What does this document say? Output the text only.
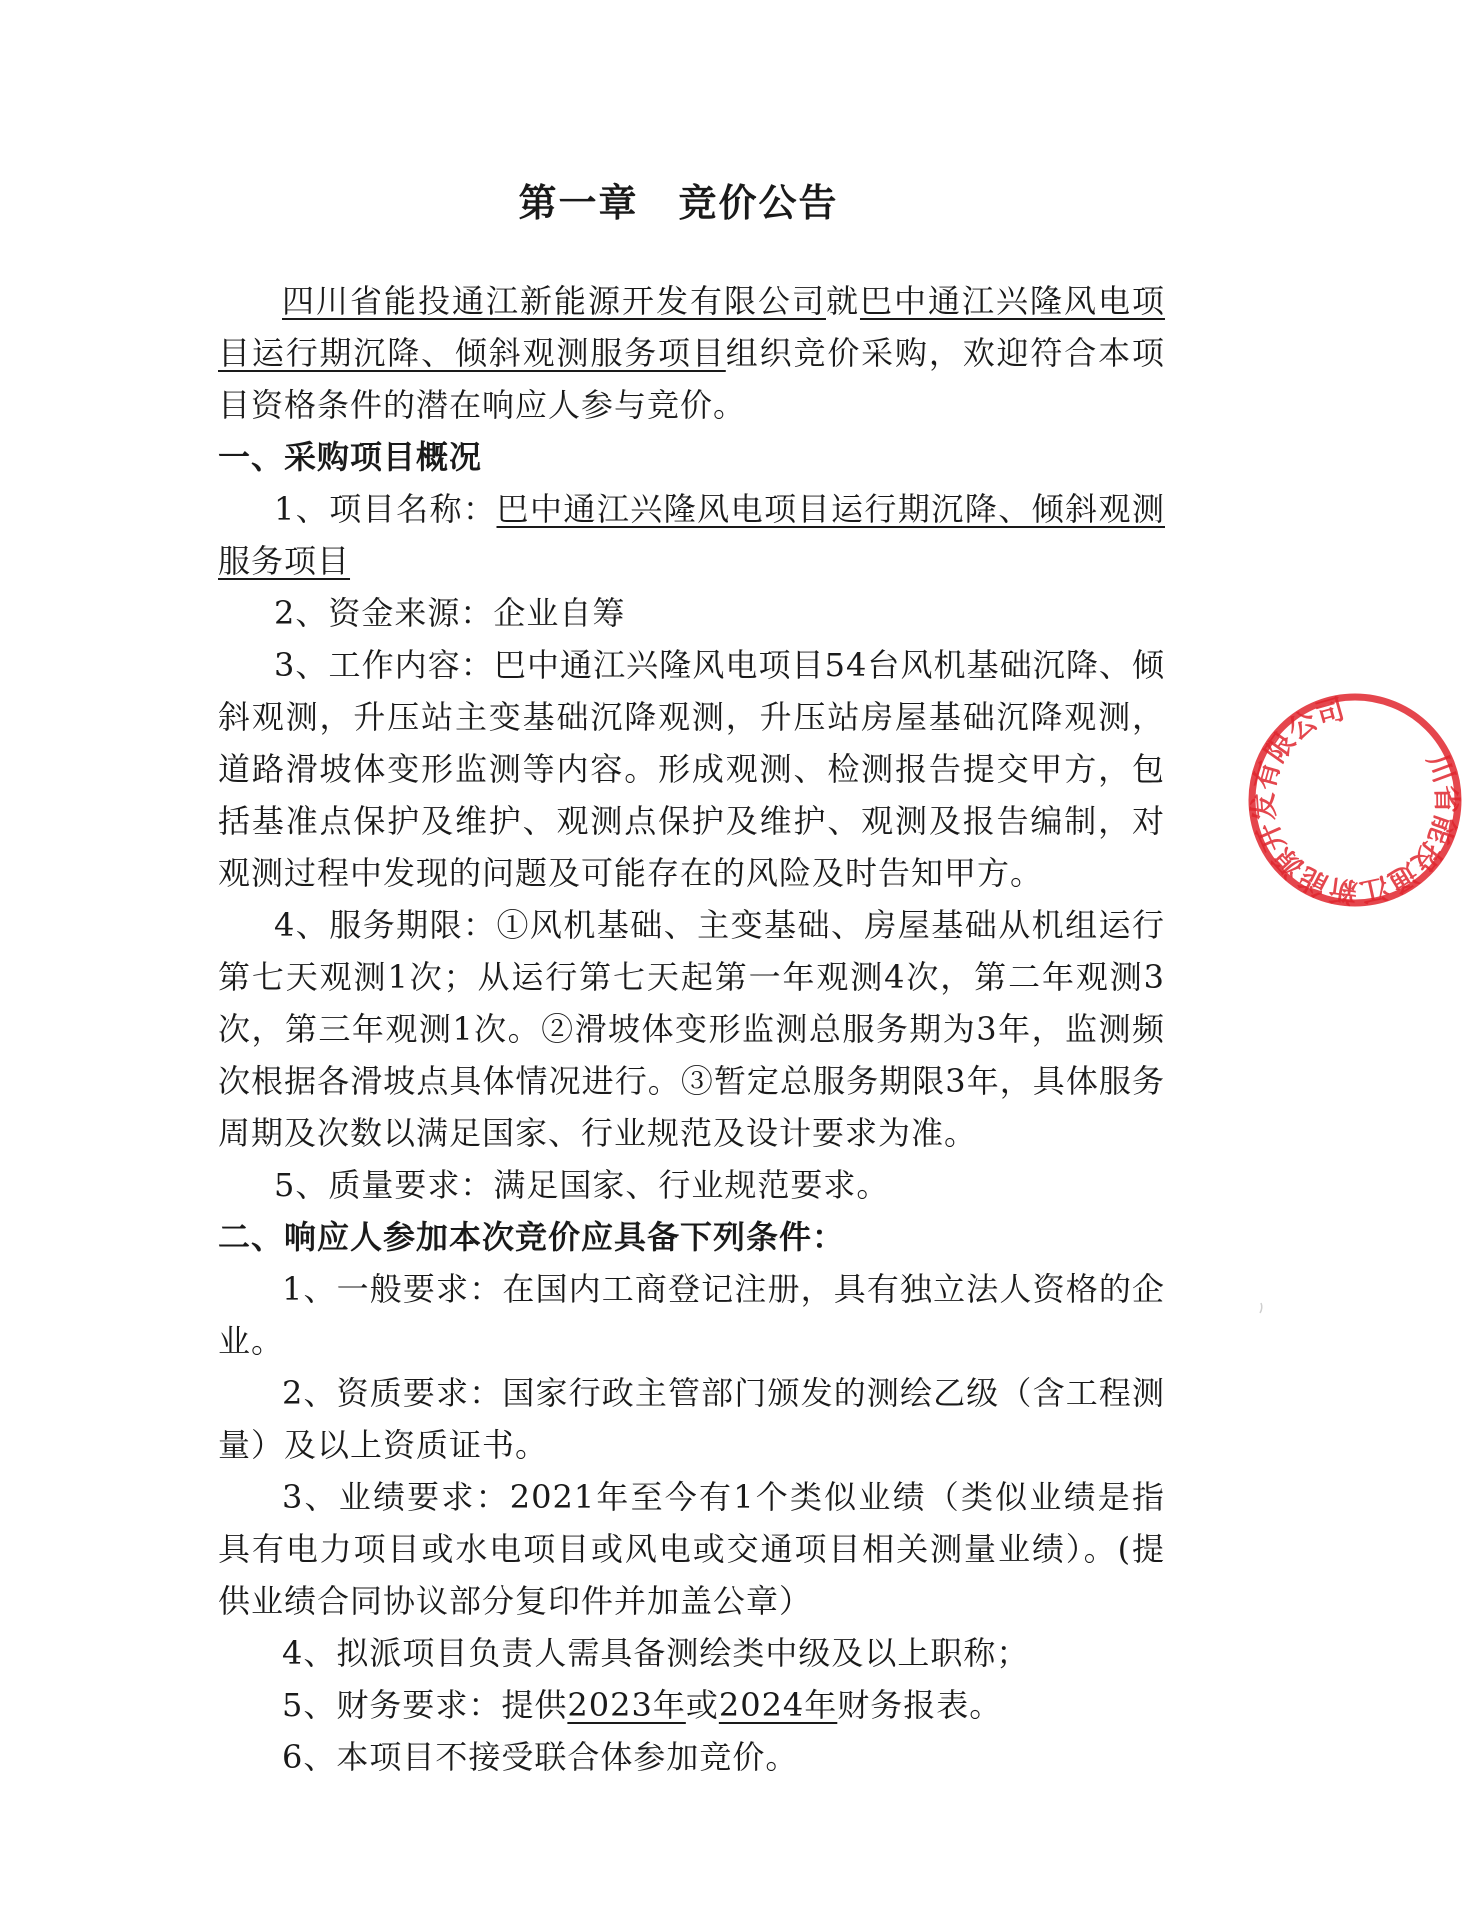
第一章 竞价公告

四川省能投通江新能源开发有限公司就巴中通江兴隆风电项目运行期沉降、倾斜观测服务项目组织竞价采购，欢迎符合本项目资格条件的潜在响应人参与竞价。

一、采购项目概况

1、项目名称：巴中通江兴隆风电项目运行期沉降、倾斜观测服务项目

2、资金来源：企业自筹

3、工作内容：巴中通江兴隆风电项目54台风机基础沉降、倾斜观测，升压站主变基础沉降观测，升压站房屋基础沉降观测，道路滑坡体变形监测等内容。形成观测、检测报告提交甲方，包括基准点保护及维护、观测点保护及维护、观测及报告编制，对观测过程中发现的问题及可能存在的风险及时告知甲方。

4、服务期限：①风机基础、主变基础、房屋基础从机组运行第七天观测1次；从运行第七天起第一年观测4次，第二年观测3次，第三年观测1次。②滑坡体变形监测总服务期为3年，监测频次根据各滑坡点具体情况进行。③暂定总服务期限3年，具体服务周期及次数以满足国家、行业规范及设计要求为准。

5、质量要求：满足国家、行业规范要求。

二、响应人参加本次竞价应具备下列条件：

1、一般要求：在国内工商登记注册，具有独立法人资格的企业。

2、资质要求：国家行政主管部门颁发的测绘乙级（含工程测量）及以上资质证书。

3、业绩要求：2021年至今有1个类似业绩（类似业绩是指具有电力项目或水电项目或风电或交通项目相关测量业绩）。(提供业绩合同协议部分复印件并加盖公章）

4、拟派项目负责人需具备测绘类中级及以上职称；

5、财务要求：提供2023年或2024年财务报表。

6、本项目不接受联合体参加竞价。

川省能投通江新能源开发有限公司
